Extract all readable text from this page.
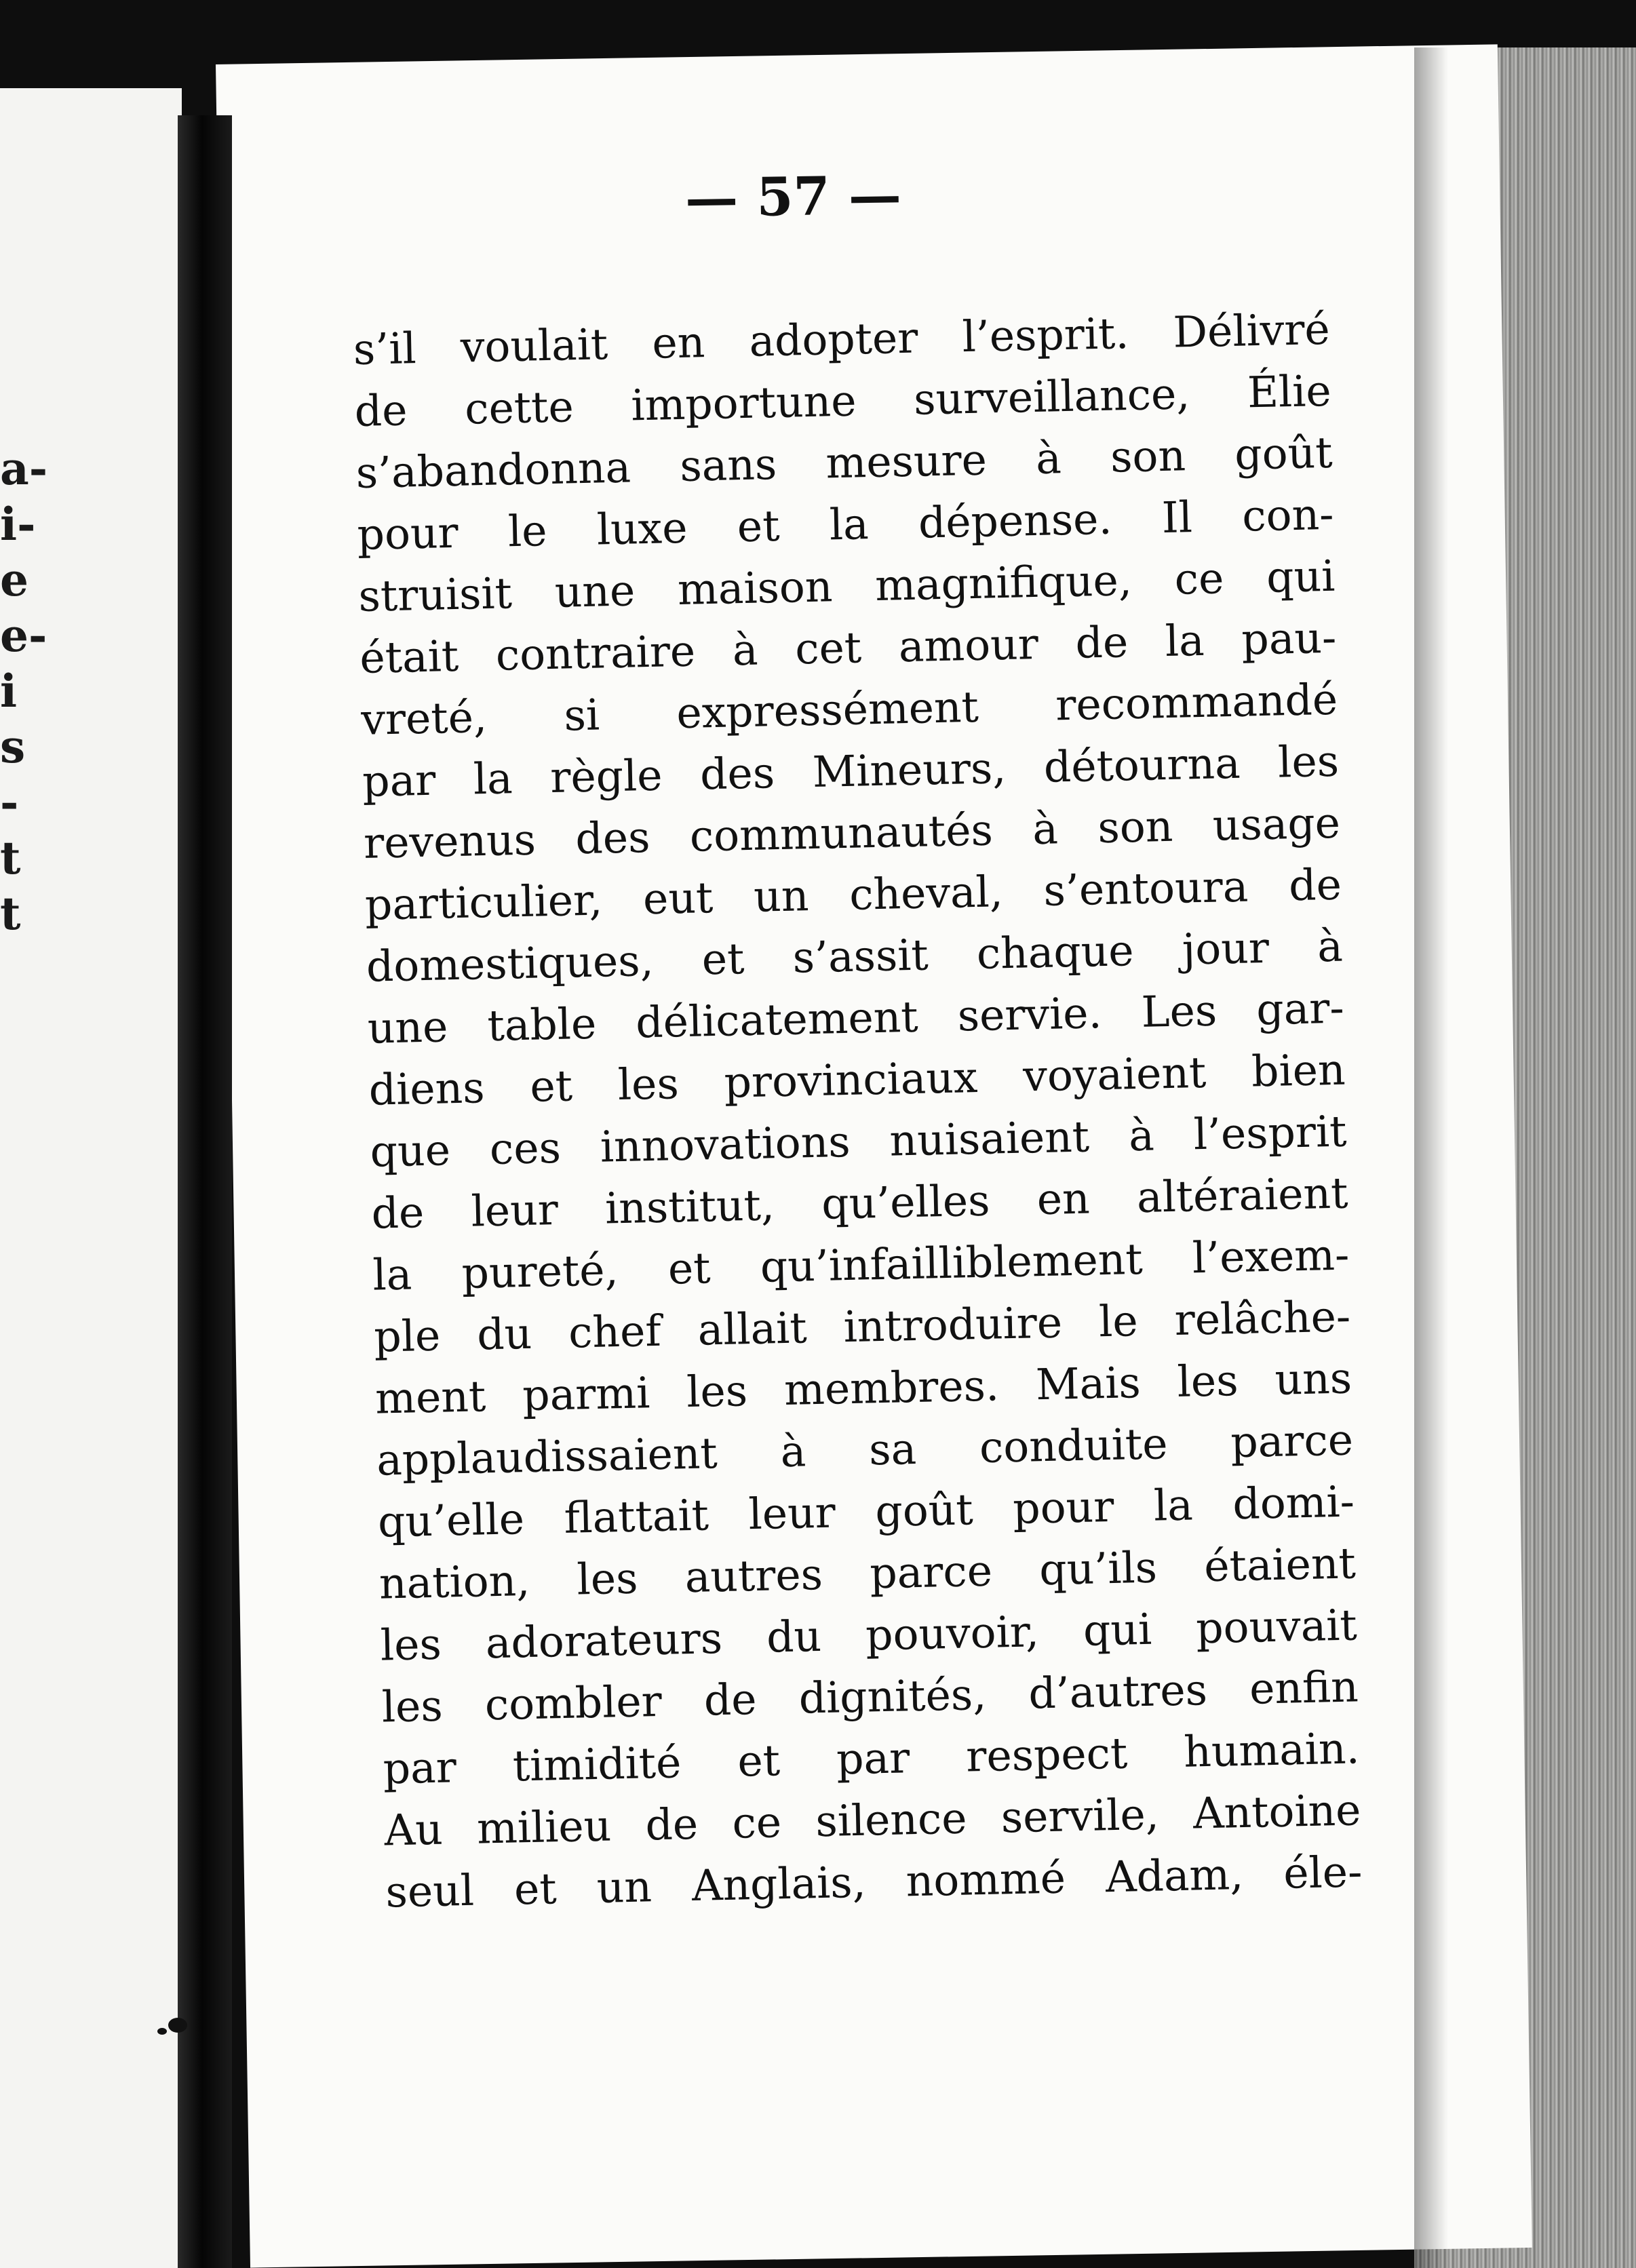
a-
i-
e
e-
i
s
-
t
t
— 57 —
s’il voulait en adopter l’esprit. Délivré
de cette importune surveillance, Élie
s’abandonna sans mesure à son goût
pour le luxe et la dépense. Il con-
struisit une maison magnifique, ce qui
était contraire à cet amour de la pau-
vreté, si expressément recommandé
par la règle des Mineurs, détourna les
revenus des communautés à son usage
particulier, eut un cheval, s’entoura de
domestiques, et s’assit chaque jour à
une table délicatement servie. Les gar-
diens et les provinciaux voyaient bien
que ces innovations nuisaient à l’esprit
de leur institut, qu’elles en altéraient
la pureté, et qu’infailliblement l’exem-
ple du chef allait introduire le relâche-
ment parmi les membres. Mais les uns
applaudissaient à sa conduite parce
qu’elle flattait leur goût pour la domi-
nation, les autres parce qu’ils étaient
les adorateurs du pouvoir, qui pouvait
les combler de dignités, d’autres enfin
par timidité et par respect humain.
Au milieu de ce silence servile, Antoine
seul et un Anglais, nommé Adam, éle-
